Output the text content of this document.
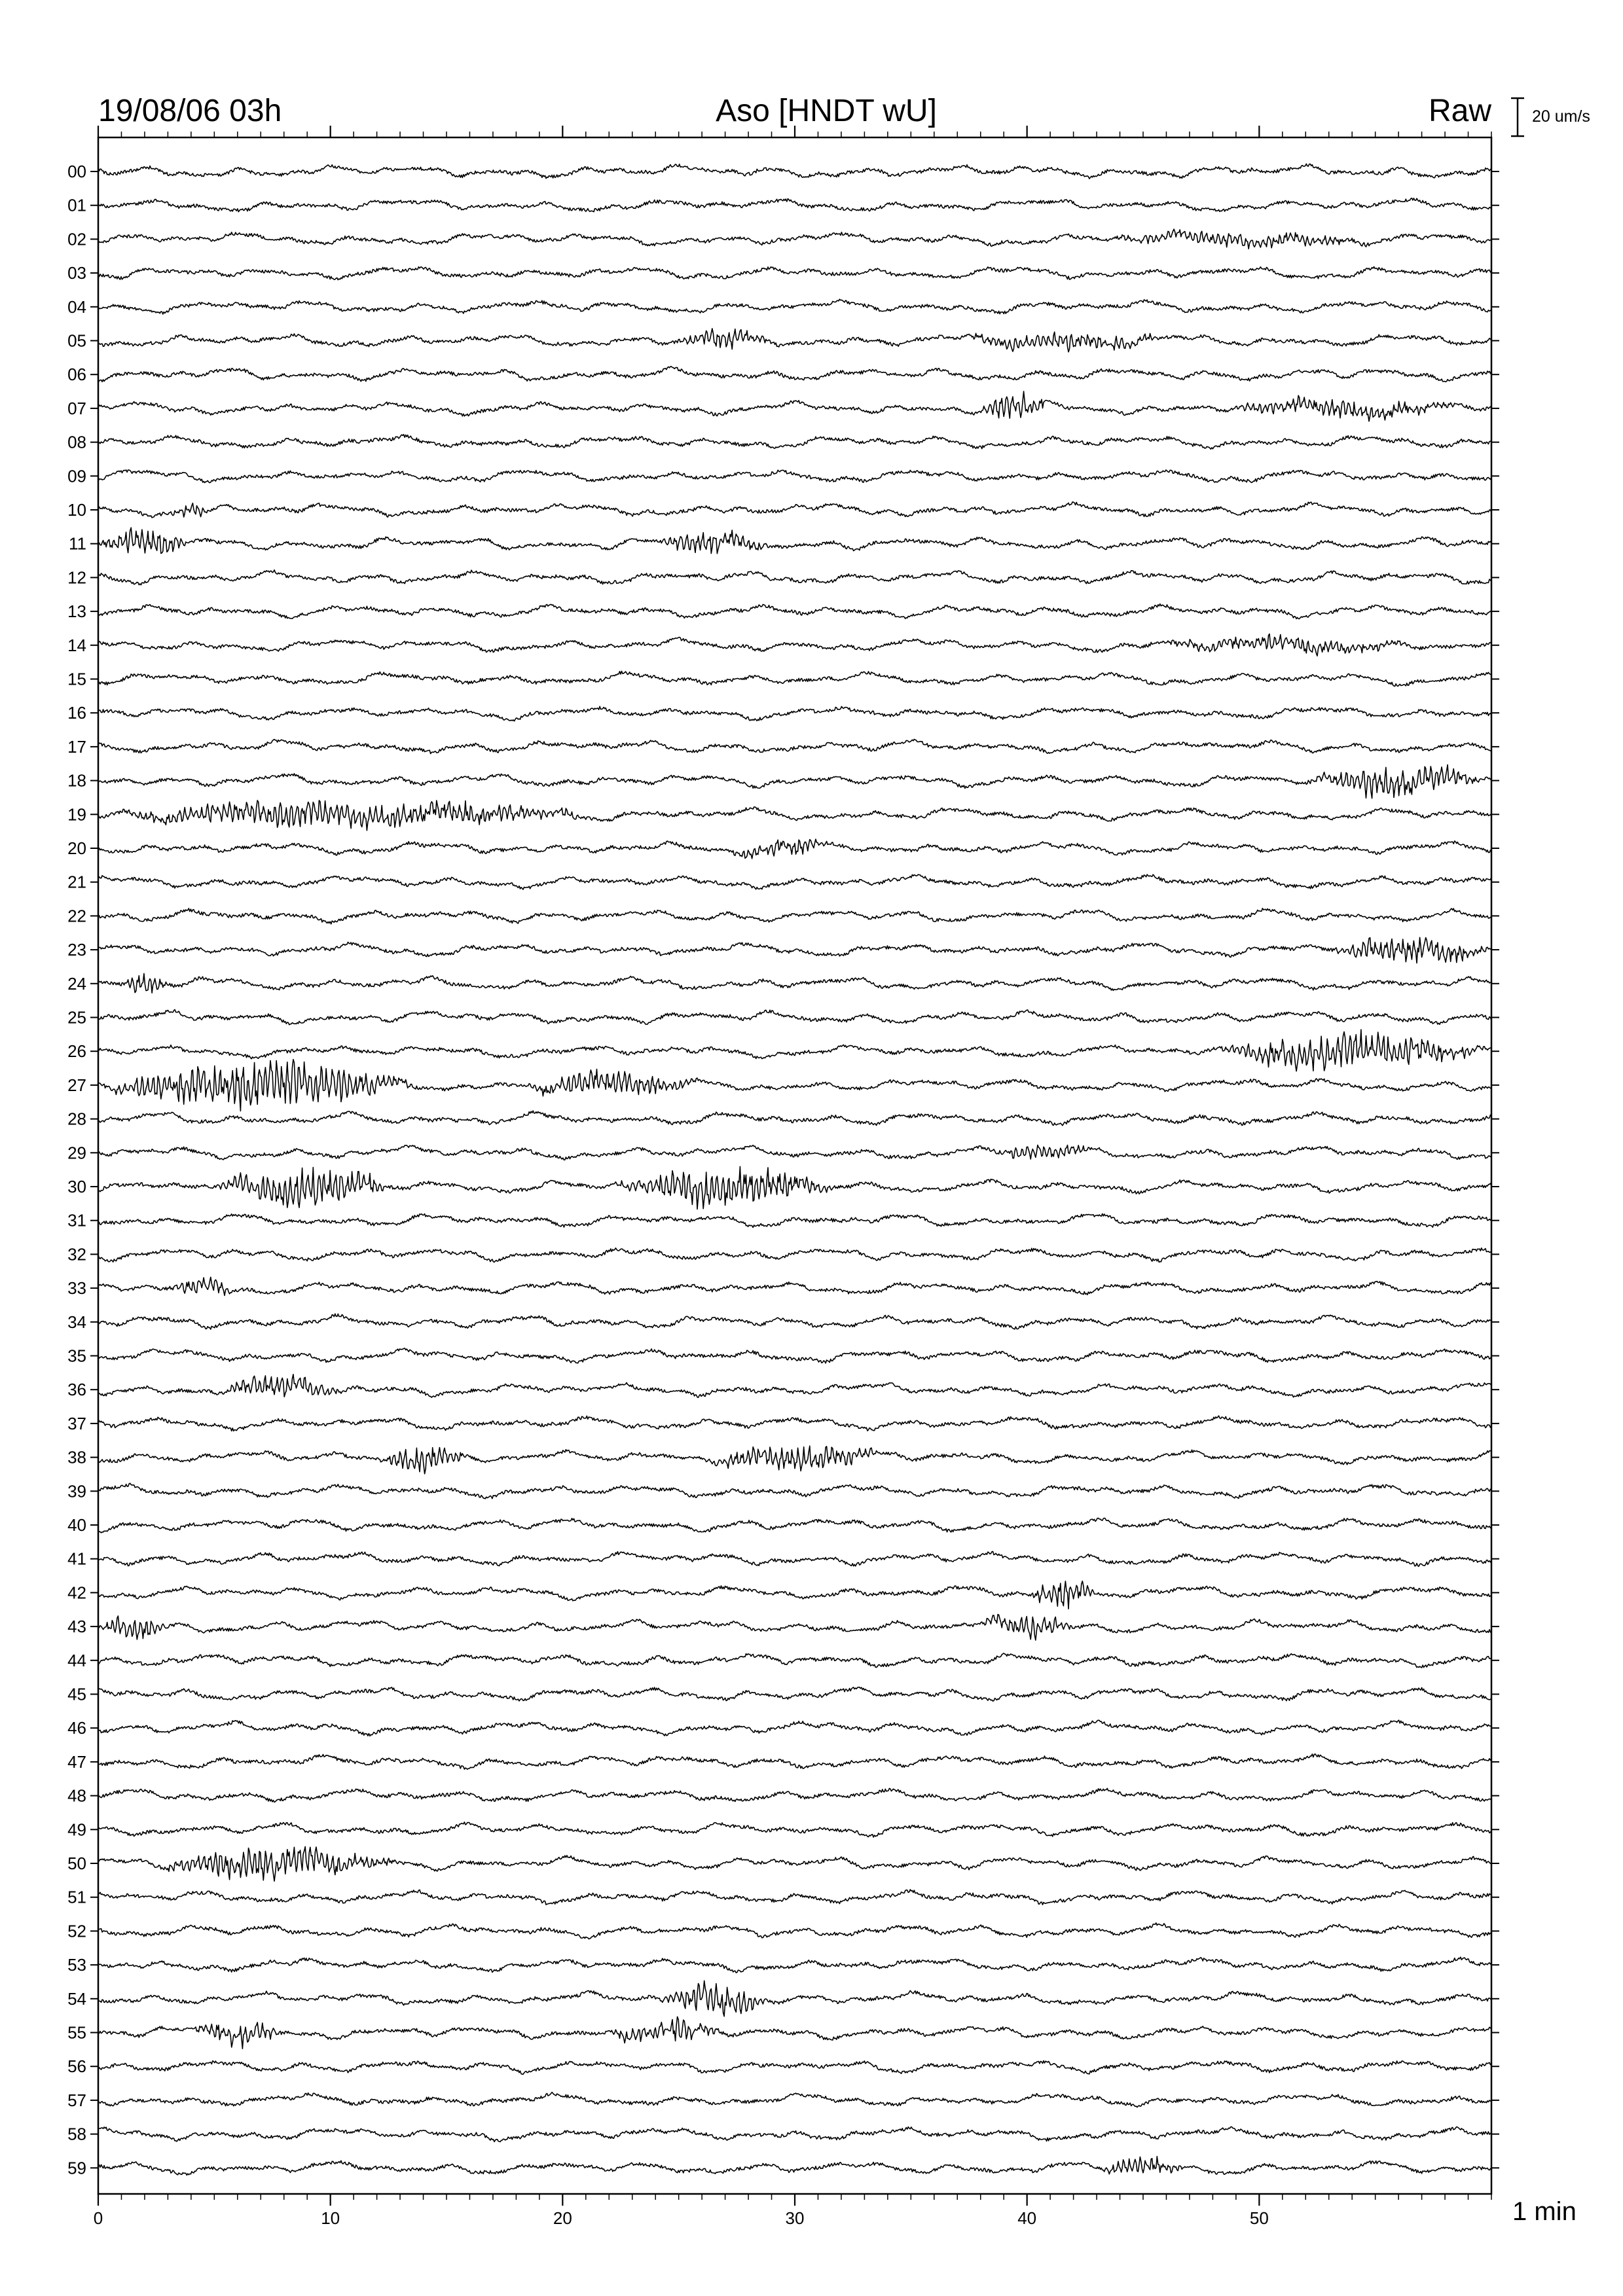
19/08/06 03h	Aso [HNDT wU]	Raw 20 um/s
00
01
02
03
04
05
06
07
08
09
10
11
12
13
14
15
16
17
18
19
20
21
22
23
24
25
26
27
28
29
30
31
32
33
34
35
36
37
38
39
40
41
42
43
44
45
46
47
48
49
50
51
52
53
54
55
56
57
58
59
0	10	20	30	40	50	1 min
